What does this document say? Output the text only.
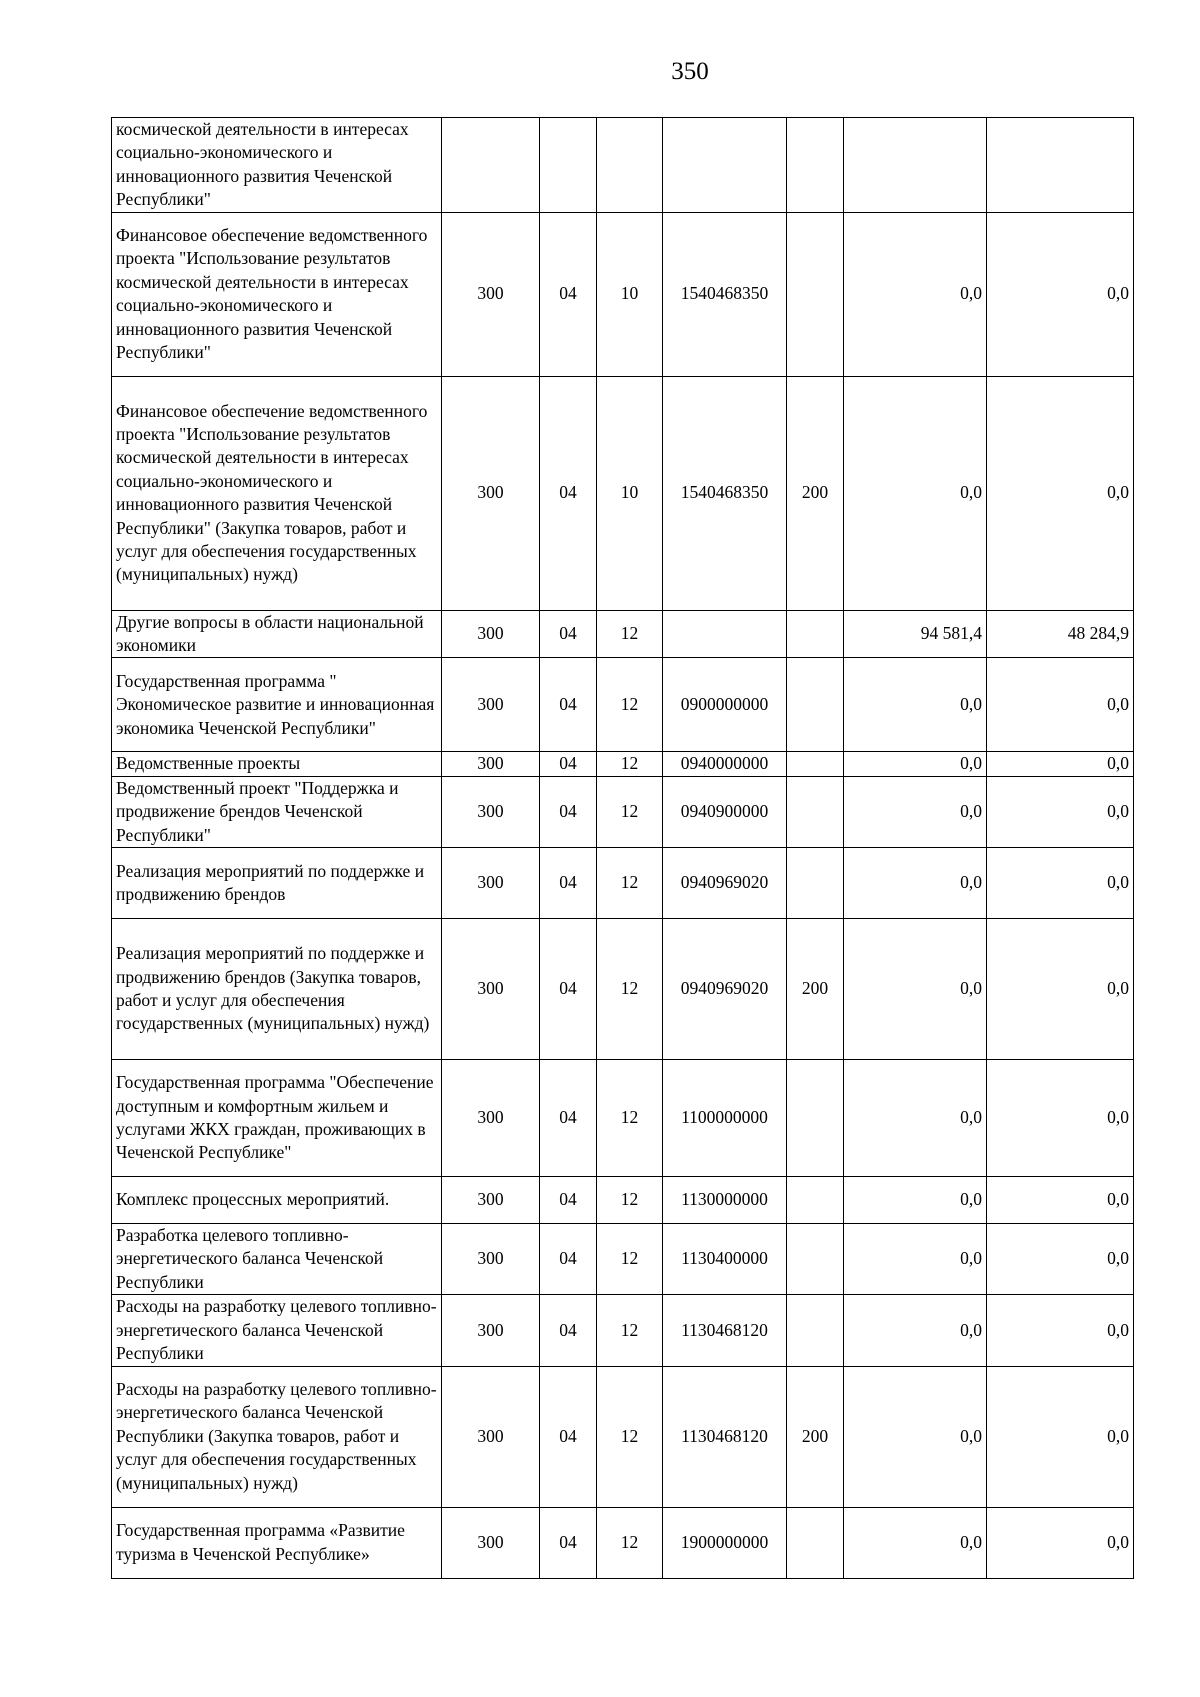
350
космической деятельности в интересах социально-экономического и инновационного развития Чеченской Республики"							
Финансовое обеспечение ведомственного проекта "Использование результатов космической деятельности в интересах социально-экономического и инновационного развития Чеченской Республики"	300	04	10	1540468350		0,0	0,0
Финансовое обеспечение ведомственного проекта "Использование результатов космической деятельности в интересах социально-экономического и инновационного развития Чеченской Республики" (Закупка товаров, работ и услуг для обеспечения государственных (муниципальных) нужд)	300	04	10	1540468350	200	0,0	0,0
Другие вопросы в области национальной экономики	300	04	12			94 581,4	48 284,9
Государственная программа " Экономическое развитие и инновационная экономика Чеченской Республики"	300	04	12	0900000000		0,0	0,0
Ведомственные проекты	300	04	12	0940000000		0,0	0,0
Ведомственный проект "Поддержка и продвижение брендов Чеченской Республики"	300	04	12	0940900000		0,0	0,0
Реализация мероприятий по поддержке и продвижению брендов	300	04	12	0940969020		0,0	0,0
Реализация мероприятий по поддержке и продвижению брендов (Закупка товаров, работ и услуг для обеспечения государственных (муниципальных) нужд)	300	04	12	0940969020	200	0,0	0,0
Государственная программа "Обеспечение доступным и комфортным жильем и услугами ЖКХ граждан, проживающих в Чеченской Республике"	300	04	12	1100000000		0,0	0,0
Комплекс процессных мероприятий.	300	04	12	1130000000		0,0	0,0
Разработка целевого топливно-энергетического баланса Чеченской Республики	300	04	12	1130400000		0,0	0,0
Расходы на разработку целевого топливно-энергетического баланса Чеченской Республики	300	04	12	1130468120		0,0	0,0
Расходы на разработку целевого топливно-энергетического баланса Чеченской Республики (Закупка товаров, работ и услуг для обеспечения государственных (муниципальных) нужд)	300	04	12	1130468120	200	0,0	0,0
Государственная программа «Развитие туризма в Чеченской Республике»	300	04	12	1900000000		0,0	0,0
